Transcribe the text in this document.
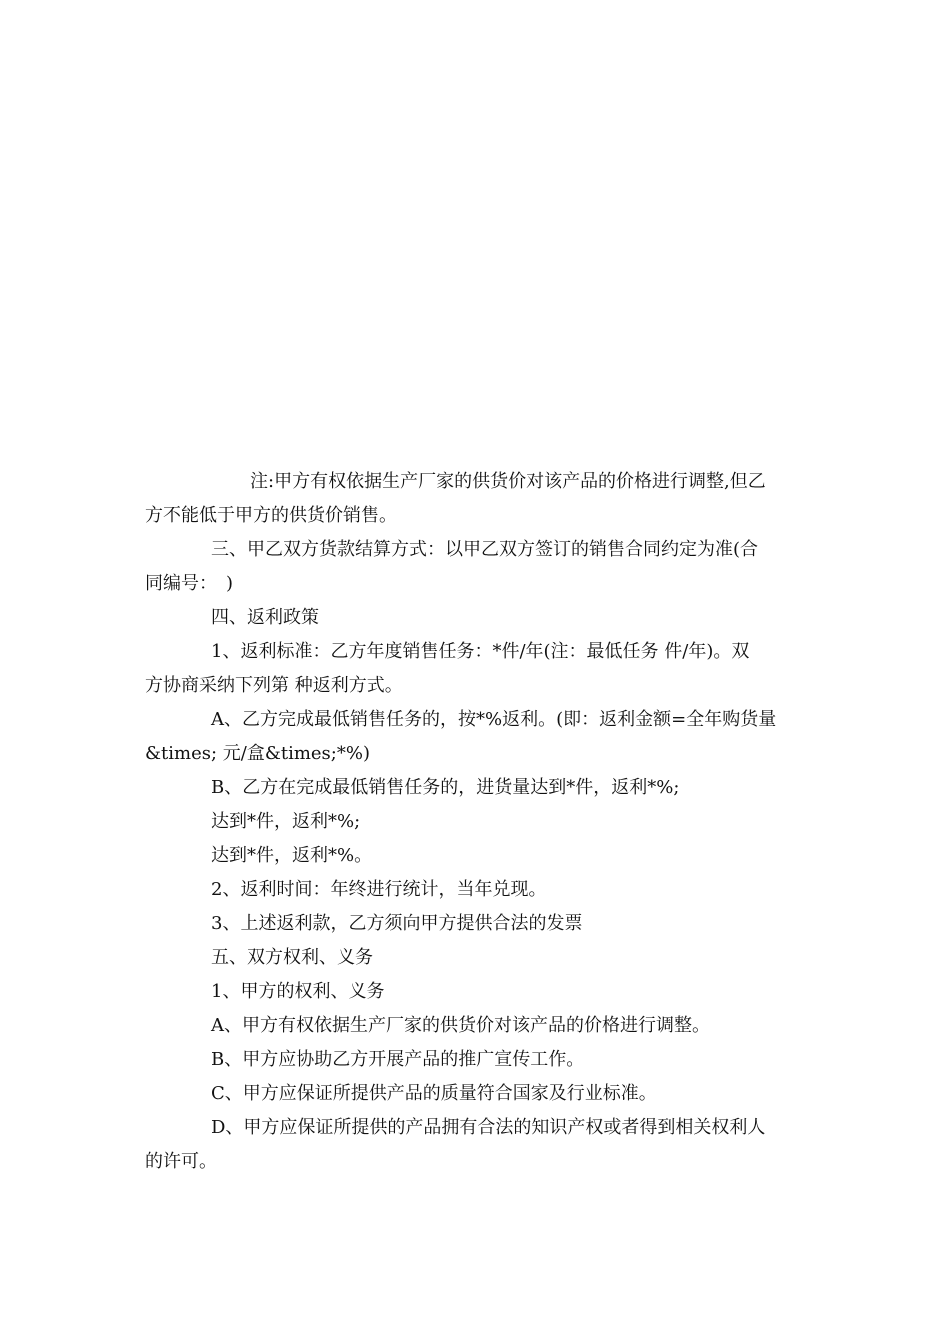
注:甲方有权依据生产厂家的供货价对该产品的价格进行调整,但乙

方不能低于甲方的供货价销售。

三、甲乙双方货款结算方式：以甲乙双方签订的销售合同约定为准(合

同编号：　)

四、返利政策

1、返利标准：乙方年度销售任务：*件/年(注：最低任务 件/年)。双

方协商采纳下列第 种返利方式。

A、乙方完成最低销售任务的，按*%返利。(即：返利金额=全年购货量

&times; 元/盒&times;*%)

B、乙方在完成最低销售任务的，进货量达到*件，返利*%;

达到*件，返利*%;

达到*件，返利*%。

2、返利时间：年终进行统计，当年兑现。

3、上述返利款，乙方须向甲方提供合法的发票

五、双方权利、义务

1、甲方的权利、义务

A、甲方有权依据生产厂家的供货价对该产品的价格进行调整。

B、甲方应协助乙方开展产品的推广宣传工作。

C、甲方应保证所提供产品的质量符合国家及行业标准。

D、甲方应保证所提供的产品拥有合法的知识产权或者得到相关权利人

的许可。
